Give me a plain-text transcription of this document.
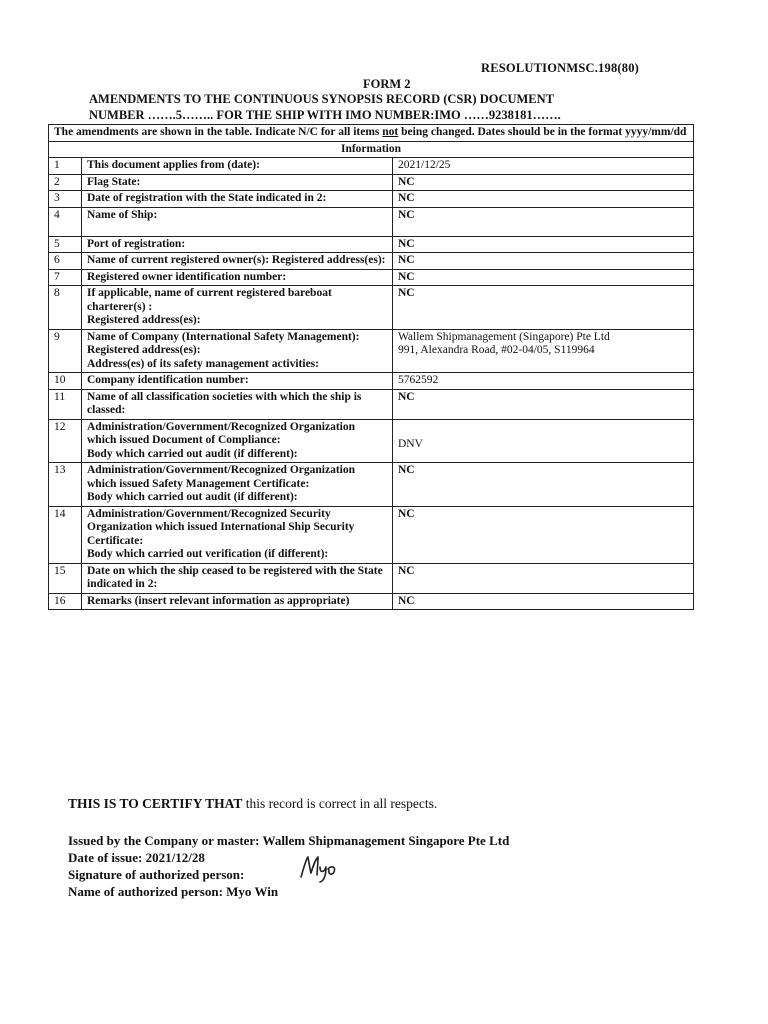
RESOLUTIONMSC.198(80)
FORM 2
AMENDMENTS TO THE CONTINUOUS SYNOPSIS RECORD (CSR) DOCUMENT
NUMBER …….5…….. FOR THE SHIP WITH IMO NUMBER:IMO ……9238181…….
The amendments are shown in the table. Indicate N/C for all items not being changed. Dates should be in the format yyyy/mm/dd		
Information		
1	This document applies from (date):	2021/12/25
2	Flag State:	NC
3	Date of registration with the State indicated in 2:	NC
4	Name of Ship:	NC
5	Port of registration:	NC
6	Name of current registered owner(s): Registered address(es):	NC
7	Registered owner identification number:	NC
8	If applicable, name of current registered bareboat charterer(s) :
Registered address(es):	NC
9	Name of Company (International Safety Management):
Registered address(es):
Address(es) of its safety management activities:	Wallem Shipmanagement (Singapore) Pte Ltd
991, Alexandra Road, #02-04/05, S119964
10	Company identification number:	5762592
11	Name of all classification societies with which the ship is classed:	NC
12	Administration/Government/Recognized Organization which issued Document of Compliance:
Body which carried out audit (if different):	DNV
13	Administration/Government/Recognized Organization which issued Safety Management Certificate:
Body which carried out audit (if different):	NC
14	Administration/Government/Recognized Security Organization which issued International Ship Security Certificate:
Body which carried out verification (if different):	NC
15	Date on which the ship ceased to be registered with the State indicated in 2:	NC
16	Remarks (insert relevant information as appropriate)	NC
THIS IS TO CERTIFY THAT this record is correct in all respects.
Issued by the Company or master: Wallem Shipmanagement Singapore Pte Ltd
Date of issue: 2021/12/28
Signature of authorized person:
Name of authorized person: Myo Win
